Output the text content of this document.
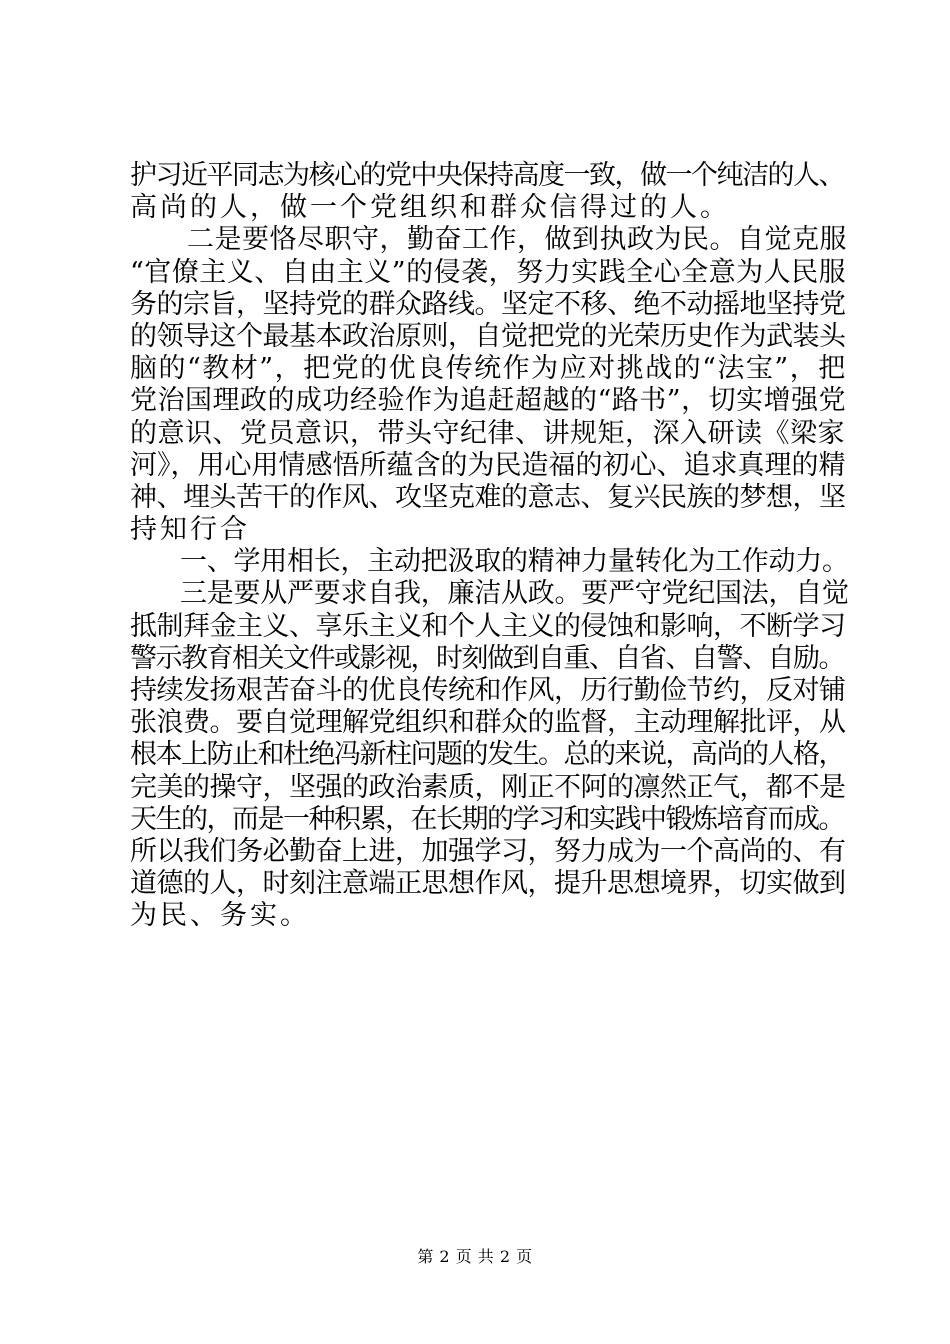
护习近平同志为核心的党中央保持高度一致，做一个纯洁的人、
高尚的人，做一个党组织和群众信得过的人。
二是要恪尽职守，勤奋工作，做到执政为民。自觉克服
“官僚主义、自由主义”的侵袭，努力实践全心全意为人民服
务的宗旨，坚持党的群众路线。坚定不移、绝不动摇地坚持党
的领导这个最基本政治原则，自觉把党的光荣历史作为武装头
脑的“教材”，把党的优良传统作为应对挑战的“法宝”，把
党治国理政的成功经验作为追赶超越的“路书”，切实增强党
的意识、党员意识，带头守纪律、讲规矩，深入研读《梁家
河》，用心用情感悟所蕴含的为民造福的初心、追求真理的精
神、埋头苦干的作风、攻坚克难的意志、复兴民族的梦想，坚
持知行合
一、学用相长，主动把汲取的精神力量转化为工作动力。
三是要从严要求自我，廉洁从政。要严守党纪国法，自觉
抵制拜金主义、享乐主义和个人主义的侵蚀和影响，不断学习
警示教育相关文件或影视，时刻做到自重、自省、自警、自励。
持续发扬艰苦奋斗的优良传统和作风，历行勤俭节约，反对铺
张浪费。要自觉理解党组织和群众的监督，主动理解批评，从
根本上防止和杜绝冯新柱问题的发生。总的来说，高尚的人格，
完美的操守，坚强的政治素质，刚正不阿的凛然正气，都不是
天生的，而是一种积累，在长期的学习和实践中锻炼培育而成。
所以我们务必勤奋上进，加强学习，努力成为一个高尚的、有
道德的人，时刻注意端正思想作风，提升思想境界，切实做到
为民、务实。
第 2 页 共 2 页
